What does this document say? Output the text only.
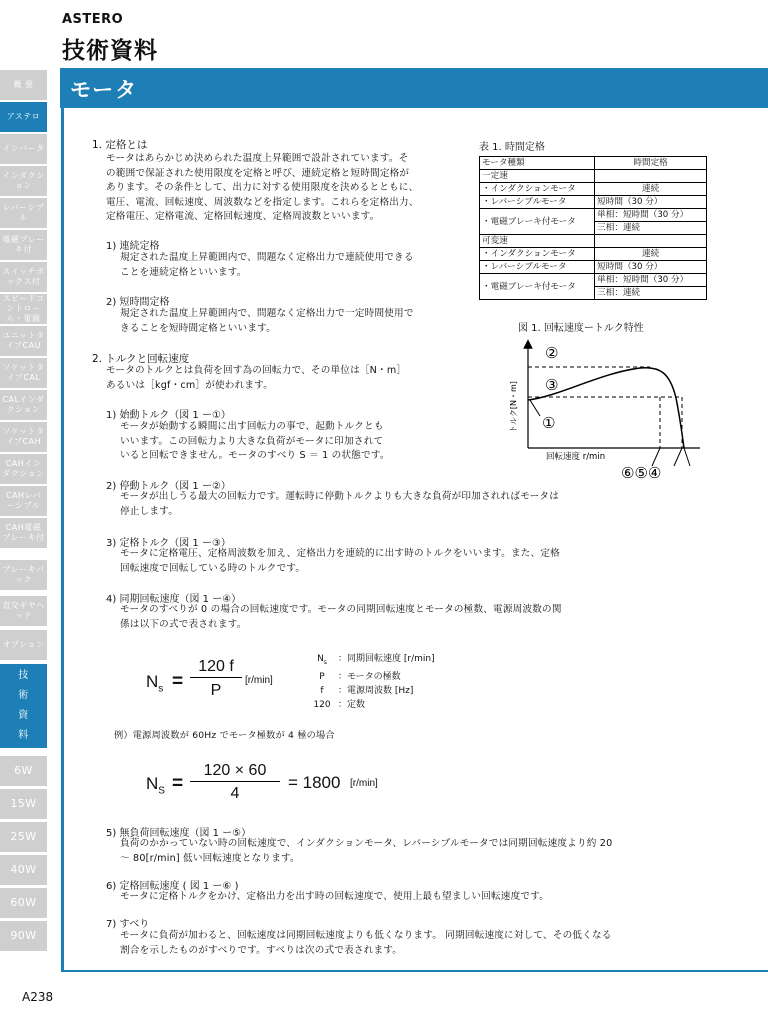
ASTERO
技術資料
モータ
概 要
アステロ
インバータ
インダクション
レバーシブル
電磁ブレーキ付
スイッチボックス付
スピードコントロール・電源
ユニットタイプCAU
ソケットタイプCAL
CALインダクション
ソケットタイプCAH
CAHインダクション
CAHレバーシブル
CAH電磁ブレーキ付
ブレーキパック
直交ギヤヘッド
オプション
技
術
資
料
6W
15W
25W
40W
60W
90W
1. 定格とは
モータはあらかじめ決められた温度上昇範囲で設計されています。そ
の範囲で保証された使用限度を定格と呼び、連続定格と短時間定格が
あります。その条件として、出力に対する使用限度を決めるとともに、
電圧、電流、回転速度、周波数などを指定します。これらを定格出力、
定格電圧、定格電流、定格回転速度、定格周波数といいます。
1) 連続定格
規定された温度上昇範囲内で、問題なく定格出力で連続使用できる
ことを連続定格といいます。
2) 短時間定格
規定された温度上昇範囲内で、問題なく定格出力で一定時間使用で
きることを短時間定格といいます。
表 1. 時間定格
モータ種類	時間定格
一定速	
・インダクションモータ	連続
・レバーシブルモータ	短時間（30 分）
・電磁ブレーキ付モータ	単相：短時間（30 分）
	三相：連続
可変速	
・インダクションモータ	連続
・レバーシブルモータ	短時間（30 分）
・電磁ブレーキ付モータ	単相：短時間（30 分）
	三相：連続
図 1. 回転速度ートルク特性
②
③
①
回転速度 r/min
⑥⑤④
トルク[N・m]
2. トルクと回転速度
モータのトルクとは負荷を回す為の回転力で、その単位は［N・m］
あるいは［kgf・cm］が使われます。
1) 始動トルク（図 1 ー①）
モータが始動する瞬間に出す回転力の事で、起動トルクとも
いいます。この回転力より大きな負荷がモータに印加されて
いると回転できません。モータのすべり S ＝ 1 の状態です。
2) 停動トルク（図 1 ー②）
モータが出しうる最大の回転力です。運転時に停動トルクよりも大きな負荷が印加されればモータは
停止します。
3) 定格トルク（図 1 ー③）
モータに定格電圧、定格周波数を加え、定格出力を連続的に出す時のトルクをいいます。また、定格
回転速度で回転している時のトルクです。
4) 同期回転速度（図 1 ー④）
モータのすべりが 0 の場合の回転速度です。モータの同期回転速度とモータの極数、電源周波数の関
係は以下の式で表されます。
$N_s$ =
120 f
P
[r/min]
$N_s$ ：同期回転速度 [r/min]
P ：モータの極数
f ：電源周波数 [Hz]
120 ：定数
例）電源周波数が 60Hz でモータ極数が 4 極の場合
$N_S$ =
120 × 60
4
= 1800 [r/min]
5) 無負荷回転速度（図 1 ー⑤）
負荷のかかっていない時の回転速度で、インダクションモータ、レバーシブルモータでは同期回転速度より約 20
〜 80[r/min] 低い回転速度となります。
6) 定格回転速度 ( 図 1 ー⑥ )
モータに定格トルクをかけ、定格出力を出す時の回転速度で、使用上最も望ましい回転速度です。
7) すべり
モータに負荷が加わると、回転速度は同期回転速度よりも低くなります。 同期回転速度に対して、その低くなる
割合を示したものがすべりです。すべりは次の式で表されます。
A238
